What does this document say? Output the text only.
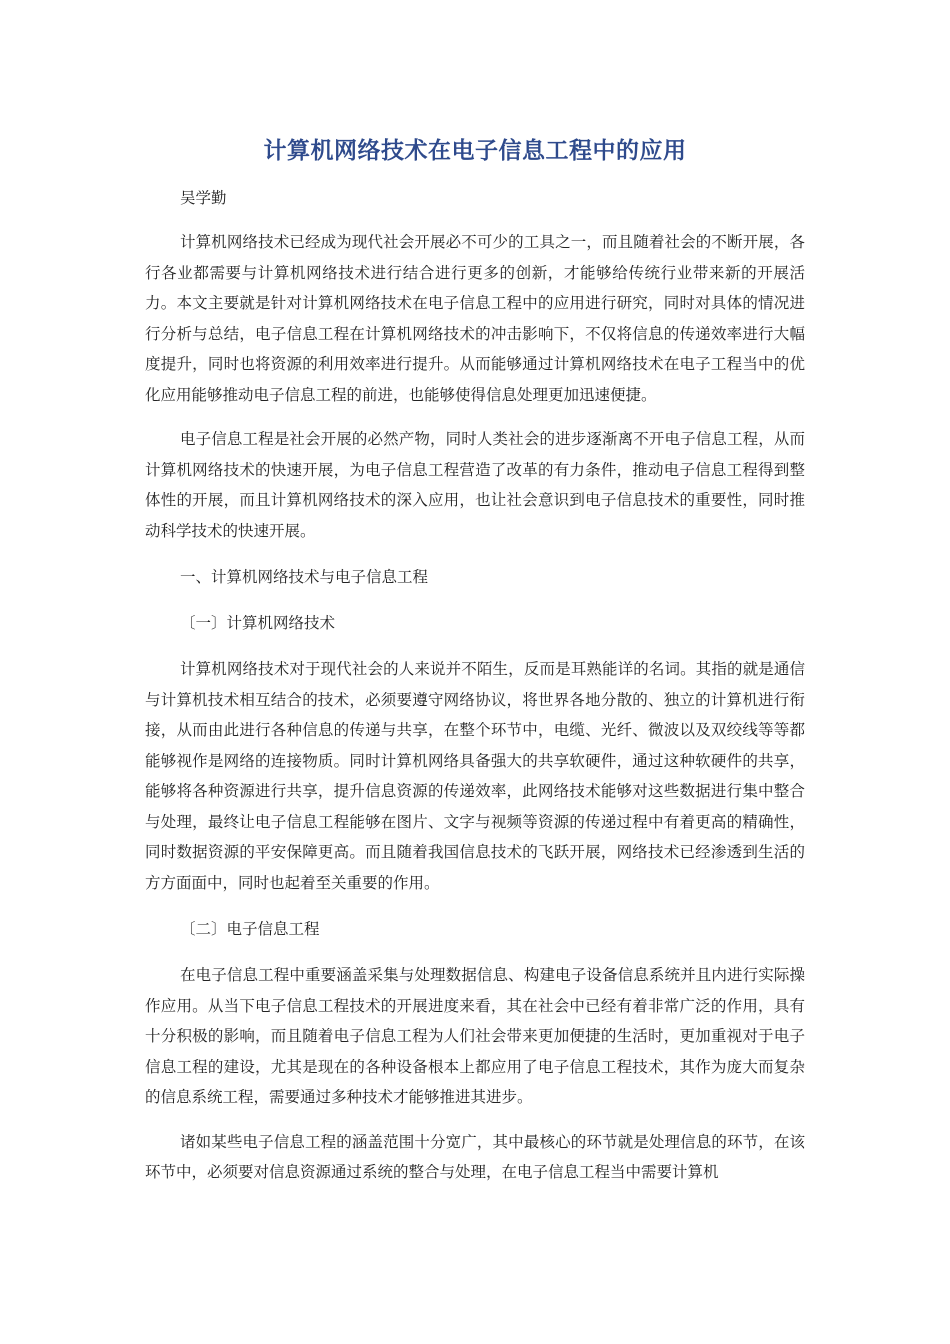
计算机网络技术在电子信息工程中的应用
吴学勤

计算机网络技术已经成为现代社会开展必不可少的工具之一，而且随着社会的不断开展，各行各业都需要与计算机网络技术进行结合进行更多的创新，才能够给传统行业带来新的开展活力。本文主要就是针对计算机网络技术在电子信息工程中的应用进行研究，同时对具体的情况进行分析与总结，电子信息工程在计算机网络技术的冲击影响下，不仅将信息的传递效率进行大幅度提升，同时也将资源的利用效率进行提升。从而能够通过计算机网络技术在电子工程当中的优化应用能够推动电子信息工程的前进，也能够使得信息处理更加迅速便捷。

电子信息工程是社会开展的必然产物，同时人类社会的进步逐渐离不开电子信息工程，从而计算机网络技术的快速开展，为电子信息工程营造了改革的有力条件，推动电子信息工程得到整体性的开展，而且计算机网络技术的深入应用，也让社会意识到电子信息技术的重要性，同时推动科学技术的快速开展。

一、计算机网络技术与电子信息工程
〔一〕计算机网络技术

计算机网络技术对于现代社会的人来说并不陌生，反而是耳熟能详的名词。其指的就是通信与计算机技术相互结合的技术，必须要遵守网络协议，将世界各地分散的、独立的计算机进行衔接，从而由此进行各种信息的传递与共享，在整个环节中，电缆、光纤、微波以及双绞线等等都能够视作是网络的连接物质。同时计算机网络具备强大的共享软硬件，通过这种软硬件的共享，能够将各种资源进行共享，提升信息资源的传递效率，此网络技术能够对这些数据进行集中整合与处理，最终让电子信息工程能够在图片、文字与视频等资源的传递过程中有着更高的精确性，同时数据资源的平安保障更高。而且随着我国信息技术的飞跃开展，网络技术已经渗透到生活的方方面面中，同时也起着至关重要的作用。

〔二〕电子信息工程

在电子信息工程中重要涵盖采集与处理数据信息、构建电子设备信息系统并且内进行实际操作应用。从当下电子信息工程技术的开展进度来看，其在社会中已经有着非常广泛的作用，具有十分积极的影响，而且随着电子信息工程为人们社会带来更加便捷的生活时，更加重视对于电子信息工程的建设，尤其是现在的各种设备根本上都应用了电子信息工程技术，其作为庞大而复杂的信息系统工程，需要通过多种技术才能够推进其进步。

诸如某些电子信息工程的涵盖范围十分宽广，其中最核心的环节就是处理信息的环节，在该环节中，必须要对信息资源通过系统的整合与处理，在电子信息工程当中需要计算机
